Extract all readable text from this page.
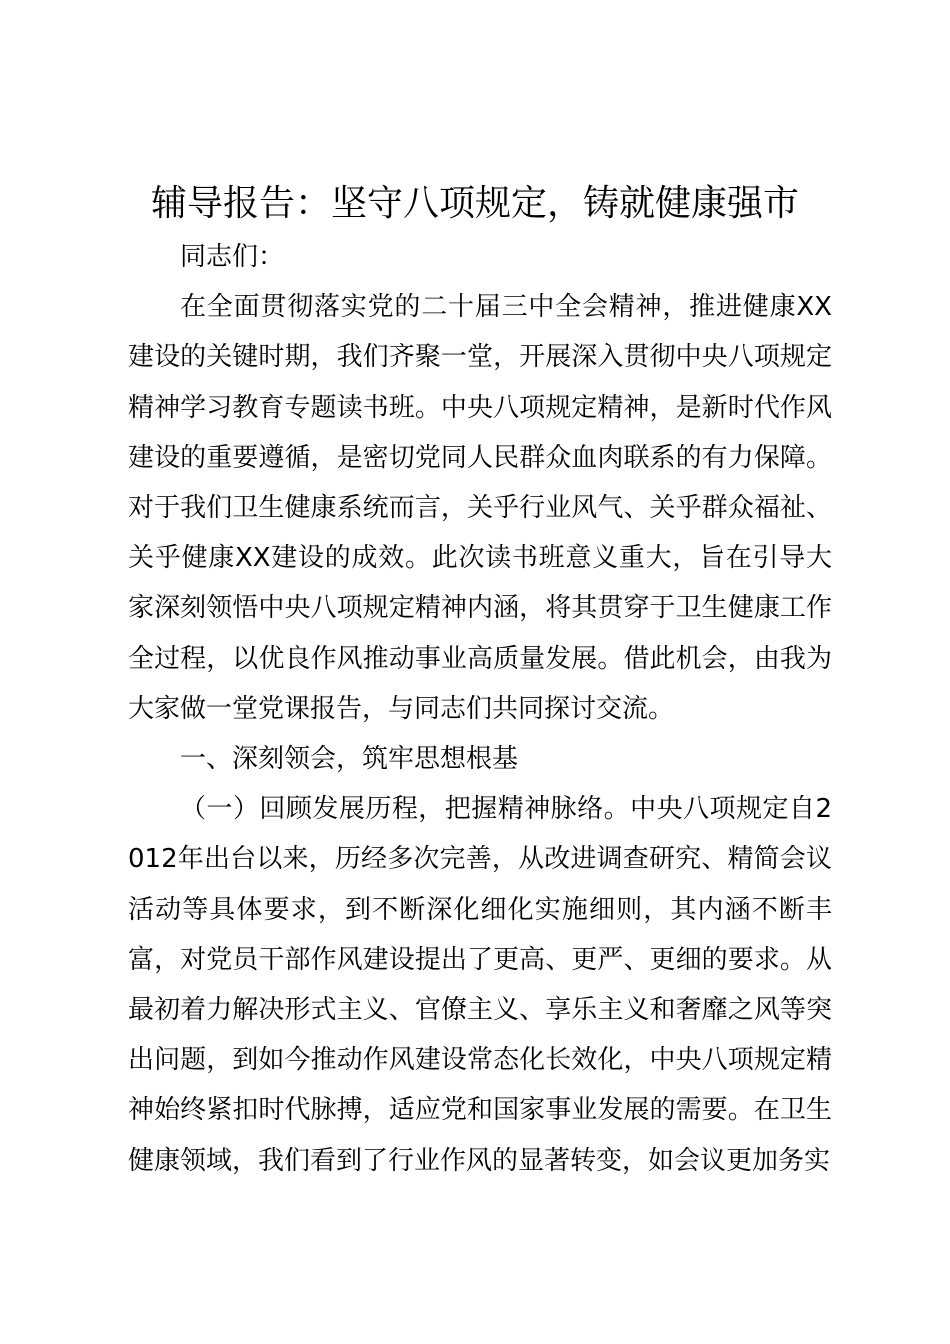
辅导报告：坚守八项规定，铸就健康强市

同志们：

在全面贯彻落实党的二十届三中全会精神，推进健康XX建设的关键时期，我们齐聚一堂，开展深入贯彻中央八项规定精神学习教育专题读书班。中央八项规定精神，是新时代作风建设的重要遵循，是密切党同人民群众血肉联系的有力保障。对于我们卫生健康系统而言，关乎行业风气、关乎群众福祉、关乎健康XX建设的成效。此次读书班意义重大，旨在引导大家深刻领悟中央八项规定精神内涵，将其贯穿于卫生健康工作全过程，以优良作风推动事业高质量发展。借此机会，由我为大家做一堂党课报告，与同志们共同探讨交流。

一、深刻领会，筑牢思想根基

（一）回顾发展历程，把握精神脉络。中央八项规定自2012年出台以来，历经多次完善，从改进调查研究、精简会议活动等具体要求，到不断深化细化实施细则，其内涵不断丰富，对党员干部作风建设提出了更高、更严、更细的要求。从最初着力解决形式主义、官僚主义、享乐主义和奢靡之风等突出问题，到如今推动作风建设常态化长效化，中央八项规定精神始终紧扣时代脉搏，适应党和国家事业发展的需要。在卫生健康领域，我们看到了行业作风的显著转变，如会议更加务实
